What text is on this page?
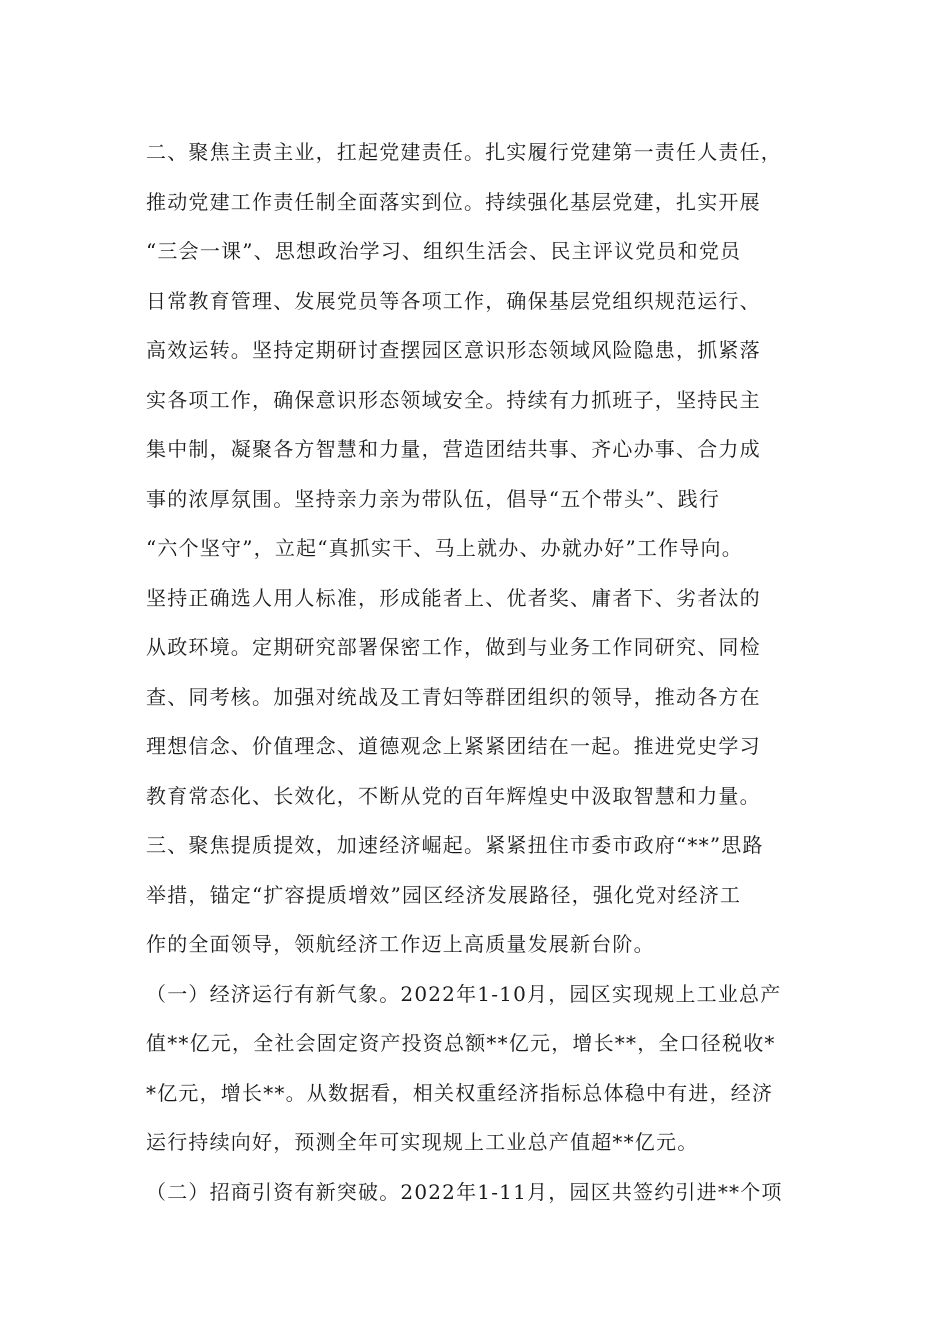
二、聚焦主责主业，扛起党建责任。扎实履行党建第一责任人责任，
推动党建工作责任制全面落实到位。持续强化基层党建，扎实开展
“三会一课”、思想政治学习、组织生活会、民主评议党员和党员
日常教育管理、发展党员等各项工作，确保基层党组织规范运行、
高效运转。坚持定期研讨查摆园区意识形态领域风险隐患，抓紧落
实各项工作，确保意识形态领域安全。持续有力抓班子，坚持民主
集中制，凝聚各方智慧和力量，营造团结共事、齐心办事、合力成
事的浓厚氛围。坚持亲力亲为带队伍，倡导“五个带头”、践行
“六个坚守”，立起“真抓实干、马上就办、办就办好”工作导向。
坚持正确选人用人标准，形成能者上、优者奖、庸者下、劣者汰的
从政环境。定期研究部署保密工作，做到与业务工作同研究、同检
查、同考核。加强对统战及工青妇等群团组织的领导，推动各方在
理想信念、价值理念、道德观念上紧紧团结在一起。推进党史学习
教育常态化、长效化，不断从党的百年辉煌史中汲取智慧和力量。
三、聚焦提质提效，加速经济崛起。紧紧扭住市委市政府“**”思路
举措，锚定“扩容提质增效”园区经济发展路径，强化党对经济工
作的全面领导，领航经济工作迈上高质量发展新台阶。
（一）经济运行有新气象。2022年1-10月，园区实现规上工业总产
值**亿元，全社会固定资产投资总额**亿元，增长**，全口径税收*
*亿元，增长**。从数据看，相关权重经济指标总体稳中有进，经济
运行持续向好，预测全年可实现规上工业总产值超**亿元。
（二）招商引资有新突破。2022年1-11月，园区共签约引进**个项
